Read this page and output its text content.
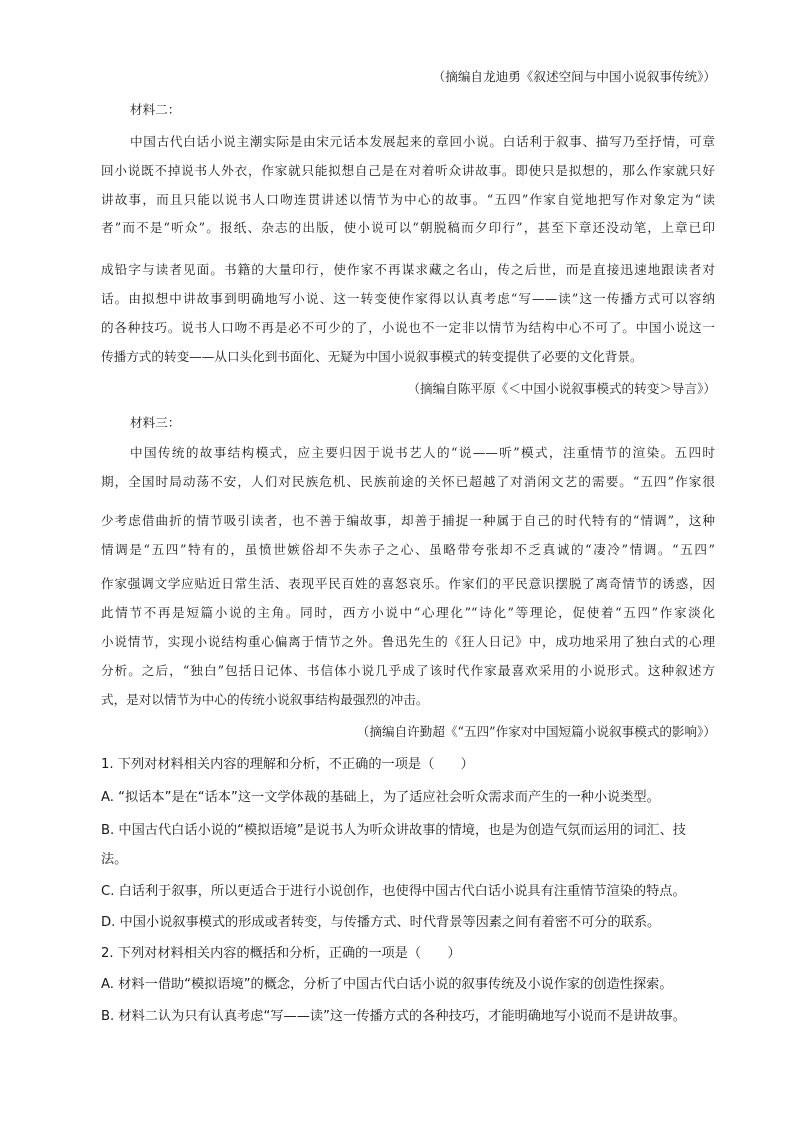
（摘编自龙迪勇《叙述空间与中国小说叙事传统》）
材料二：
中国古代白话小说主潮实际是由宋元话本发展起来的章回小说。白话利于叙事、描写乃至抒情，可章
回小说既不掉说书人外衣，作家就只能拟想自己是在对着听众讲故事。即使只是拟想的，那么作家就只好
讲故事，而且只能以说书人口吻连贯讲述以情节为中心的故事。“五四”作家自觉地把写作对象定为“读
者”而不是“听众”。报纸、杂志的出版，使小说可以“朝脱稿而夕印行”，甚至下章还没动笔，上章已印
成铅字与读者见面。书籍的大量印行，使作家不再谋求藏之名山，传之后世，而是直接迅速地跟读者对
话。由拟想中讲故事到明确地写小说、这一转变使作家得以认真考虑“写——读”这一传播方式可以容纳
的各种技巧。说书人口吻不再是必不可少的了，小说也不一定非以情节为结构中心不可了。中国小说这一
传播方式的转变——从口头化到书面化、无疑为中国小说叙事模式的转变提供了必要的文化背景。
（摘编自陈平原《＜中国小说叙事模式的转变＞导言》）
材料三：
中国传统的故事结构模式，应主要归因于说书艺人的“说——听”模式，注重情节的渲染。五四时
期，全国时局动荡不安，人们对民族危机、民族前途的关怀已超越了对消闲文艺的需要。“五四”作家很
少考虑借曲折的情节吸引读者，也不善于编故事，却善于捕捉一种属于自己的时代特有的“情调”，这种
情调是“五四”特有的，虽愤世嫉俗却不失赤子之心、虽略带夸张却不乏真诚的“凄冷”情调。“五四”
作家强调文学应贴近日常生活、表现平民百姓的喜怒哀乐。作家们的平民意识摆脱了离奇情节的诱惑，因
此情节不再是短篇小说的主角。同时，西方小说中“心理化”“诗化”等理论，促使着“五四”作家淡化
小说情节，实现小说结构重心偏离于情节之外。鲁迅先生的《狂人日记》中，成功地采用了独白式的心理
分析。之后，“独白”包括日记体、书信体小说几乎成了该时代作家最喜欢采用的小说形式。这种叙述方
式，是对以情节为中心的传统小说叙事结构最强烈的冲击。
（摘编自许勤超《“五四”作家对中国短篇小说叙事模式的影响》）
1. 下列对材料相关内容的理解和分析，不正确的一项是（　　）
A. “拟话本”是在“话本”这一文学体裁的基础上，为了适应社会听众需求而产生的一种小说类型。
B. 中国古代白话小说的“模拟语境”是说书人为听众讲故事的情境，也是为创造气氛而运用的词汇、技
法。
C. 白话利于叙事，所以更适合于进行小说创作，也使得中国古代白话小说具有注重情节渲染的特点。
D. 中国小说叙事模式的形成或者转变，与传播方式、时代背景等因素之间有着密不可分的联系。
2. 下列对材料相关内容的概括和分析，正确的一项是（　　）
A. 材料一借助“模拟语境”的概念，分析了中国古代白话小说的叙事传统及小说作家的创造性探索。
B. 材料二认为只有认真考虑“写——读”这一传播方式的各种技巧，才能明确地写小说而不是讲故事。
